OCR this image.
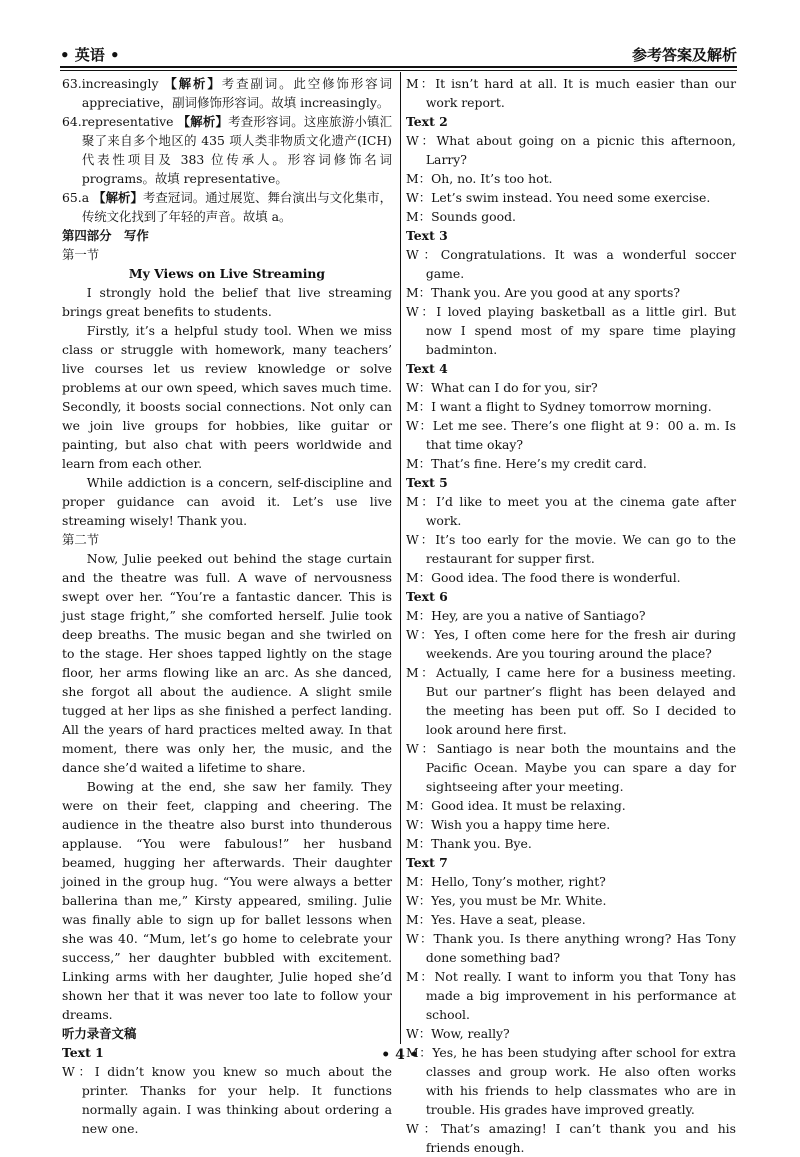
• 英语 •	参考答案及解析

63.increasingly 【解析】考查副词。此空修饰形容词appreciative，副词修饰形容词。故填 increasingly。

64.representative 【解析】考查形容词。这座旅游小镇汇聚了来自多个地区的 435 项人类非物质文化遗产(ICH)代表性项目及 383 位传承人。形容词修饰名词 programs。故填 representative。

65.a 【解析】考查冠词。通过展览、舞台演出与文化集市，传统文化找到了年轻的声音。故填 a。

第四部分　写作

第一节

My Views on Live Streaming

I strongly hold the belief that live streaming brings great benefits to students.

Firstly, it’s a helpful study tool. When we miss class or struggle with homework, many teachers’ live courses let us review knowledge or solve problems at our own speed, which saves much time. Secondly, it boosts social connections. Not only can we join live groups for hobbies, like guitar or painting, but also chat with peers worldwide and learn from each other.

While addiction is a concern, self-discipline and proper guidance can avoid it. Let’s use live streaming wisely! Thank you.

第二节

Now, Julie peeked out behind the stage curtain and the theatre was full. A wave of nervousness swept over her. “You’re a fantastic dancer. This is just stage fright,” she comforted herself. Julie took deep breaths. The music began and she twirled on to the stage. Her shoes tapped lightly on the stage floor, her arms flowing like an arc. As she danced, she forgot all about the audience. A slight smile tugged at her lips as she finished a perfect landing. All the years of hard practices melted away. In that moment, there was only her, the music, and the dance she’d waited a lifetime to share.

Bowing at the end, she saw her family. They were on their feet, clapping and cheering. The audience in the theatre also burst into thunderous applause. “You were fabulous!” her husband beamed, hugging her afterwards. Their daughter joined in the group hug. “You were always a better ballerina than me,” Kirsty appeared, smiling. Julie was finally able to sign up for ballet lessons when she was 40. “Mum, let’s go home to celebrate your success,” her daughter bubbled with excitement. Linking arms with her daughter, Julie hoped she’d shown her that it was never too late to follow your dreams.

听力录音文稿

Text 1

W：I didn’t know you knew so much about the printer. Thanks for your help. It functions normally again. I was thinking about ordering a new one.

M：It isn’t hard at all. It is much easier than our work report.

Text 2

W：What about going on a picnic this afternoon, Larry?

M：Oh, no. It’s too hot.

W：Let’s swim instead. You need some exercise.

M：Sounds good.

Text 3

W：Congratulations. It was a wonderful soccer game.

M：Thank you. Are you good at any sports?

W：I loved playing basketball as a little girl. But now I spend most of my spare time playing badminton.

Text 4

W：What can I do for you, sir?

M：I want a flight to Sydney tomorrow morning.

W：Let me see. There’s one flight at 9：00 a. m. Is that time okay?

M：That’s fine. Here’s my credit card.

Text 5

M：I’d like to meet you at the cinema gate after work.

W：It’s too early for the movie. We can go to the restaurant for supper first.

M：Good idea. The food there is wonderful.

Text 6

M：Hey, are you a native of Santiago?

W：Yes, I often come here for the fresh air during weekends. Are you touring around the place?

M：Actually, I came here for a business meeting. But our partner’s flight has been delayed and the meeting has been put off. So I decided to look around here first.

W：Santiago is near both the mountains and the Pacific Ocean. Maybe you can spare a day for sightseeing after your meeting.

M：Good idea. It must be relaxing.

W：Wish you a happy time here.

M：Thank you. Bye.

Text 7

M：Hello, Tony’s mother, right?

W：Yes, you must be Mr. White.

M：Yes. Have a seat, please.

W：Thank you. Is there anything wrong? Has Tony done something bad?

M：Not really. I want to inform you that Tony has made a big improvement in his performance at school.

W：Wow, really?

M：Yes, he has been studying after school for extra classes and group work. He also often works with his friends to help classmates who are in trouble. His grades have improved greatly.

W：That’s amazing! I can’t thank you and his friends enough.

• 4 •
